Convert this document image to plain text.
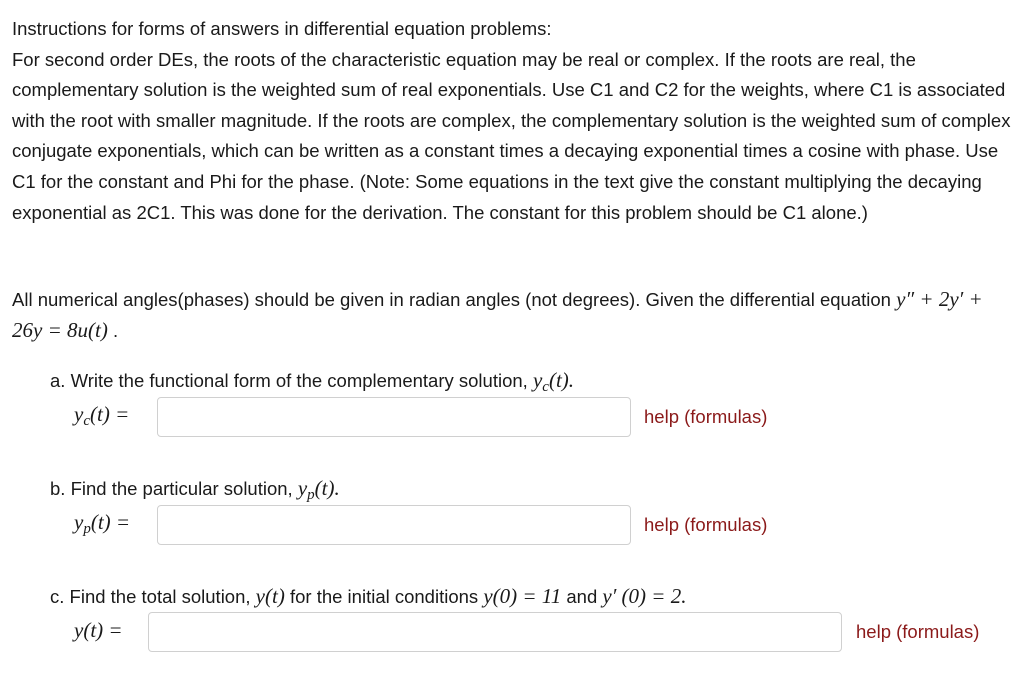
Instructions for forms of answers in differential equation problems:
For second order DEs, the roots of the characteristic equation may be real or complex. If the roots are real, the complementary solution is the weighted sum of real exponentials. Use C1 and C2 for the weights, where C1 is associated with the root with smaller magnitude. If the roots are complex, the complementary solution is the weighted sum of complex conjugate exponentials, which can be written as a constant times a decaying exponential times a cosine with phase. Use C1 for the constant and Phi for the phase. (Note: Some equations in the text give the constant multiplying the decaying exponential as 2C1. This was done for the derivation. The constant for this problem should be C1 alone.)

All numerical angles(phases) should be given in radian angles (not degrees). Given the differential equation y″ + 2y′ + 26y = 8u(t) .

a. Write the functional form of the complementary solution, $y_c(t)$.
$y_c(t)$ =	help (formulas)
b. Find the particular solution, $y_p(t)$.
$y_p(t)$ =	help (formulas)
c. Find the total solution, y(t) for the initial conditions y(0) = 11 and y′ (0) = 2.
y(t) =	help (formulas)
